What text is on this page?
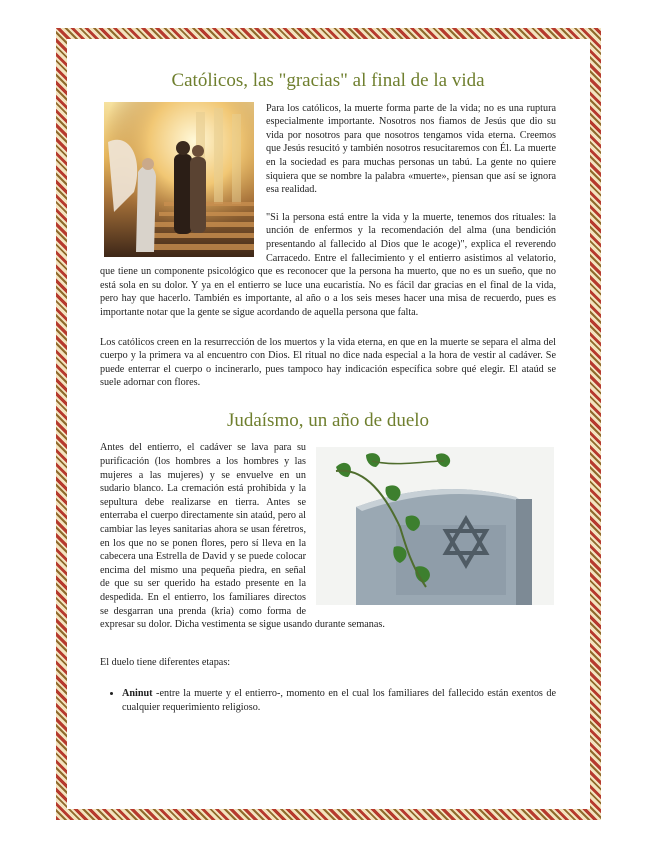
Católicos, las "gracias" al final de la vida

Para los católicos, la muerte forma parte de la vida; no es una ruptura especialmente importante. Nosotros nos fiamos de Jesús que dio su vida por nosotros para que nosotros tengamos vida eterna. Creemos que Jesús resucitó y también nosotros resucitaremos con Él. La muerte en la sociedad es para muchas personas un tabú. La gente no quiere siquiera que se nombre la palabra «muerte», piensan que así se ignora esa realidad.

"Si la persona está entre la vida y la muerte, tenemos dos rituales: la unción de enfermos y la recomendación del alma (una bendición presentando al fallecido al Dios que le acoge)", explica el reverendo Carracedo. Entre el fallecimiento y el entierro asistimos al velatorio, que tiene un componente psicológico que es reconocer que la persona ha muerto, que no es un sueño, que no está sola en su dolor. Y ya en el entierro se luce una eucaristía. No es fácil dar gracias en el final de la vida, pero hay que hacerlo. También es importante, al año o a los seis meses hacer una misa de recuerdo, pues es importante notar que la gente se sigue acordando de aquella persona que falta.

Los católicos creen en la resurrección de los muertos y la vida eterna, en que en la muerte se separa el alma del cuerpo y la primera va al encuentro con Dios. El ritual no dice nada especial a la hora de vestir al cadáver. Se puede enterrar el cuerpo o incinerarlo, pues tampoco hay indicación específica sobre qué elegir. El ataúd se suele adornar con flores.

Judaísmo, un año de duelo

Antes del entierro, el cadáver se lava para su purificación (los hombres a los hombres y las mujeres a las mujeres) y se envuelve en un sudario blanco. La cremación está prohibida y la sepultura debe realizarse en tierra. Antes se enterraba el cuerpo directamente sin ataúd, pero al cambiar las leyes sanitarias ahora se usan féretros, en los que no se ponen flores, pero sí lleva en la cabecera una Estrella de David y se puede colocar encima del mismo una pequeña piedra, en señal de que su ser querido ha estado presente en la despedida. En el entierro, los familiares directos se desgarran una prenda (kria) como forma de expresar su dolor. Dicha vestimenta se sigue usando durante semanas.

El duelo tiene diferentes etapas:

• Aninut -entre la muerte y el entierro-, momento en el cual los familiares del fallecido están exentos de cualquier requerimiento religioso.
